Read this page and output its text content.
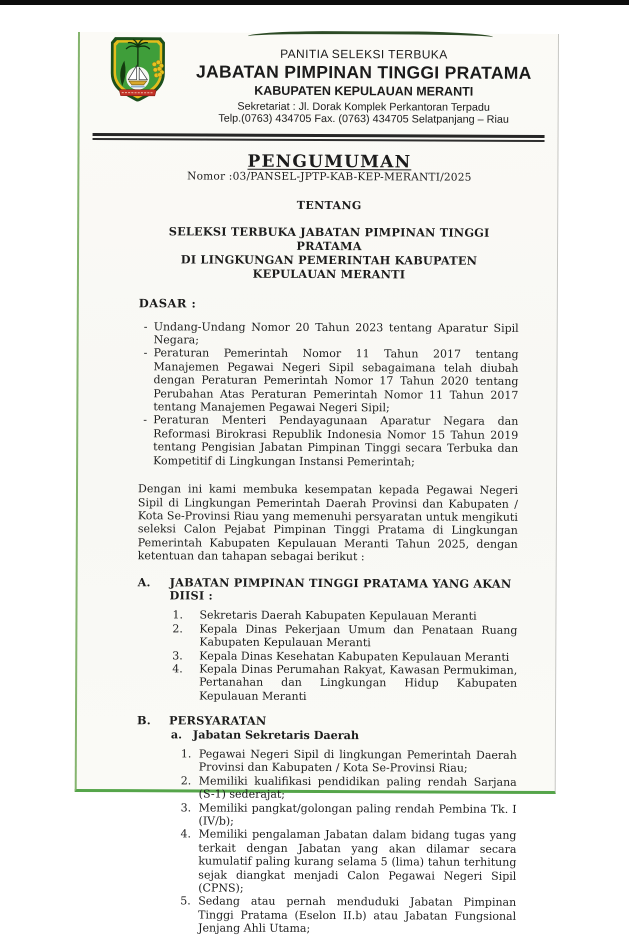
PANITIA SELEKSI TERBUKA
JABATAN PIMPINAN TINGGI PRATAMA
KABUPATEN KEPULAUAN MERANTI
Sekretariat : Jl. Dorak Komplek Perkantoran Terpadu
Telp.(0763) 434705 Fax. (0763) 434705 Selatpanjang – Riau
PENGUMUMAN
Nomor :03/PANSEL-JPTP-KAB-KEP-MERANTI/2025
TENTANG
SELEKSI TERBUKA JABATAN PIMPINAN TINGGI PRATAMA
DI LINGKUNGAN PEMERINTAH KABUPATEN KEPULAUAN MERANTI
DASAR :
- Undang-Undang Nomor 20 Tahun 2023 tentang Aparatur Sipil Negara;
- Peraturan Pemerintah Nomor 11 Tahun 2017 tentang Manajemen Pegawai Negeri Sipil sebagaimana telah diubah dengan Peraturan Pemerintah Nomor 17 Tahun 2020 tentang Perubahan Atas Peraturan Pemerintah Nomor 11 Tahun 2017 tentang Manajemen Pegawai Negeri Sipil;
- Peraturan Menteri Pendayagunaan Aparatur Negara dan Reformasi Birokrasi Republik Indonesia Nomor 15 Tahun 2019 tentang Pengisian Jabatan Pimpinan Tinggi secara Terbuka dan Kompetitif di Lingkungan Instansi Pemerintah;

Dengan ini kami membuka kesempatan kepada Pegawai Negeri Sipil di Lingkungan Pemerintah Daerah Provinsi dan Kabupaten / Kota Se-Provinsi Riau yang memenuhi persyaratan untuk mengikuti seleksi Calon Pejabat Pimpinan Tinggi Pratama di Lingkungan Pemerintah Kabupaten Kepulauan Meranti Tahun 2025, dengan ketentuan dan tahapan sebagai berikut :

A.	JABATAN PIMPINAN TINGGI PRATAMA YANG AKAN DIISI :
1.	Sekretaris Daerah Kabupaten Kepulauan Meranti
2.	Kepala Dinas Pekerjaan Umum dan Penataan Ruang Kabupaten Kepulauan Meranti
3.	Kepala Dinas Kesehatan Kabupaten Kepulauan Meranti
4.	Kepala Dinas Perumahan Rakyat, Kawasan Permukiman, Pertanahan dan Lingkungan Hidup Kabupaten Kepulauan Meranti
B.	PERSYARATAN
a. Jabatan Sekretaris Daerah
1. Pegawai Negeri Sipil di lingkungan Pemerintah Daerah Provinsi dan Kabupaten / Kota Se-Provinsi Riau;
2. Memiliki kualifikasi pendidikan paling rendah Sarjana (S-1) sederajat;
3. Memiliki pangkat/golongan paling rendah Pembina Tk. I (IV/b);
4. Memiliki pengalaman Jabatan dalam bidang tugas yang terkait dengan Jabatan yang akan dilamar secara kumulatif paling kurang selama 5 (lima) tahun terhitung sejak diangkat menjadi Calon Pegawai Negeri Sipil (CPNS);
5. Sedang atau pernah menduduki Jabatan Pimpinan Tinggi Pratama (Eselon II.b) atau Jabatan Fungsional Jenjang Ahli Utama;
